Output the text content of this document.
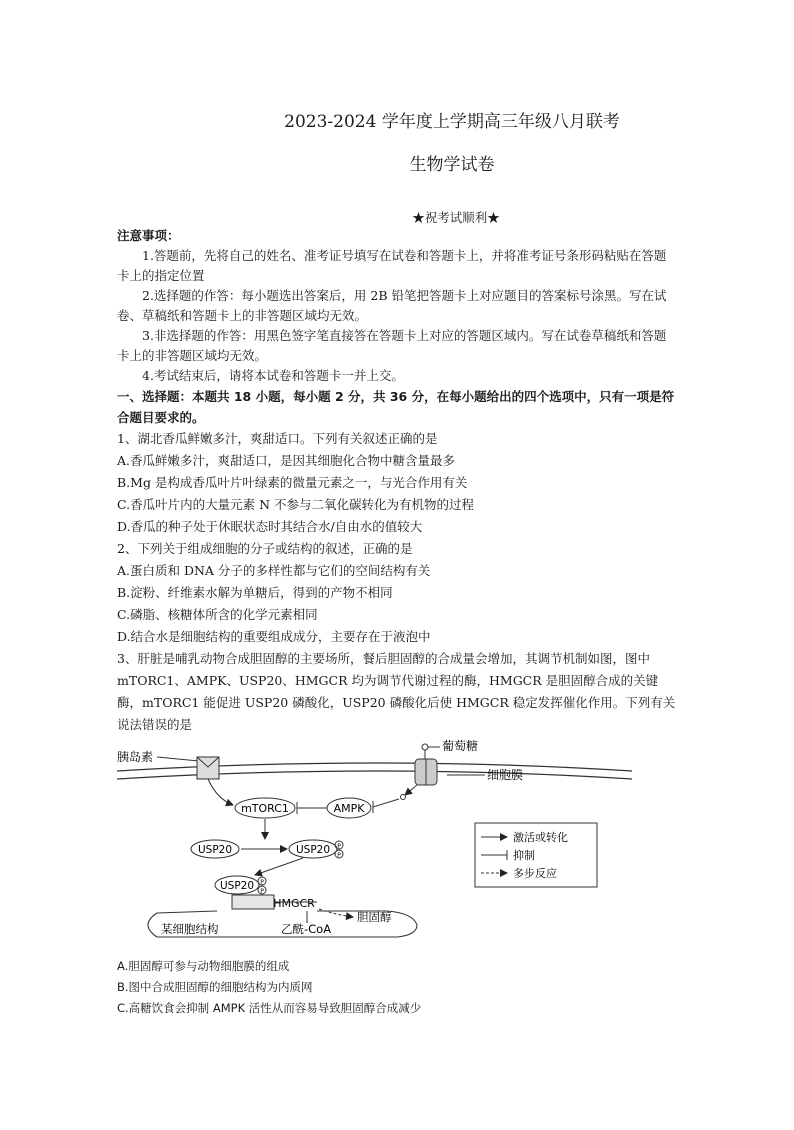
2023-2024 学年度上学期高三年级八月联考
生物学试卷
★祝考试顺利★

注意事项：

1.答题前，先将自己的姓名、准考证号填写在试卷和答题卡上，并将准考证号条形码粘贴在答题卡上的指定位置

2.选择题的作答：每小题选出答案后，用 2B 铅笔把答题卡上对应题目的答案标号涂黑。写在试卷、草稿纸和答题卡上的非答题区域均无效。

3.非选择题的作答：用黑色签字笔直接答在答题卡上对应的答题区域内。写在试卷草稿纸和答题卡上的非答题区域均无效。

4.考试结束后，请将本试卷和答题卡一并上交。

一、选择题：本题共 18 小题，每小题 2 分，共 36 分，在每小题给出的四个选项中，只有一项是符合题目要求的。

1、湖北香瓜鲜嫩多汁，爽甜适口。下列有关叙述正确的是

A.香瓜鲜嫩多汁，爽甜适口，是因其细胞化合物中糖含量最多

B.Mg 是构成香瓜叶片叶绿素的微量元素之一，与光合作用有关

C.香瓜叶片内的大量元素 N 不参与二氧化碳转化为有机物的过程

D.香瓜的种子处于休眠状态时其结合水/自由水的值较大

2、下列关于组成细胞的分子或结构的叙述，正确的是

A.蛋白质和 DNA 分子的多样性都与它们的空间结构有关

B.淀粉、纤维素水解为单糖后，得到的产物不相同

C.磷脂、核糖体所含的化学元素相同

D.结合水是细胞结构的重要组成成分，主要存在于液泡中

3、肝脏是哺乳动物合成胆固醇的主要场所，餐后胆固醇的合成量会增加，其调节机制如图，图中 mTORC1、AMPK、USP20、HMGCR 均为调节代谢过程的酶，HMGCR 是胆固醇合成的关键酶，mTORC1 能促进 USP20 磷酸化，USP20 磷酸化后使 HMGCR 稳定发挥催化作用。下列有关说法错误的是

胰岛素
葡萄糖
细胞膜
mTORC1	AMPK
USP20	USP20 P
P
USP20 P
P
HMGCR
胆固醇
某细胞结构	乙酰-CoA
激活或转化
抑制
多步反应

A.胆固醇可参与动物细胞膜的组成

B.图中合成胆固醇的细胞结构为内质网

C.高糖饮食会抑制 AMPK 活性从而容易导致胆固醇合成减少
